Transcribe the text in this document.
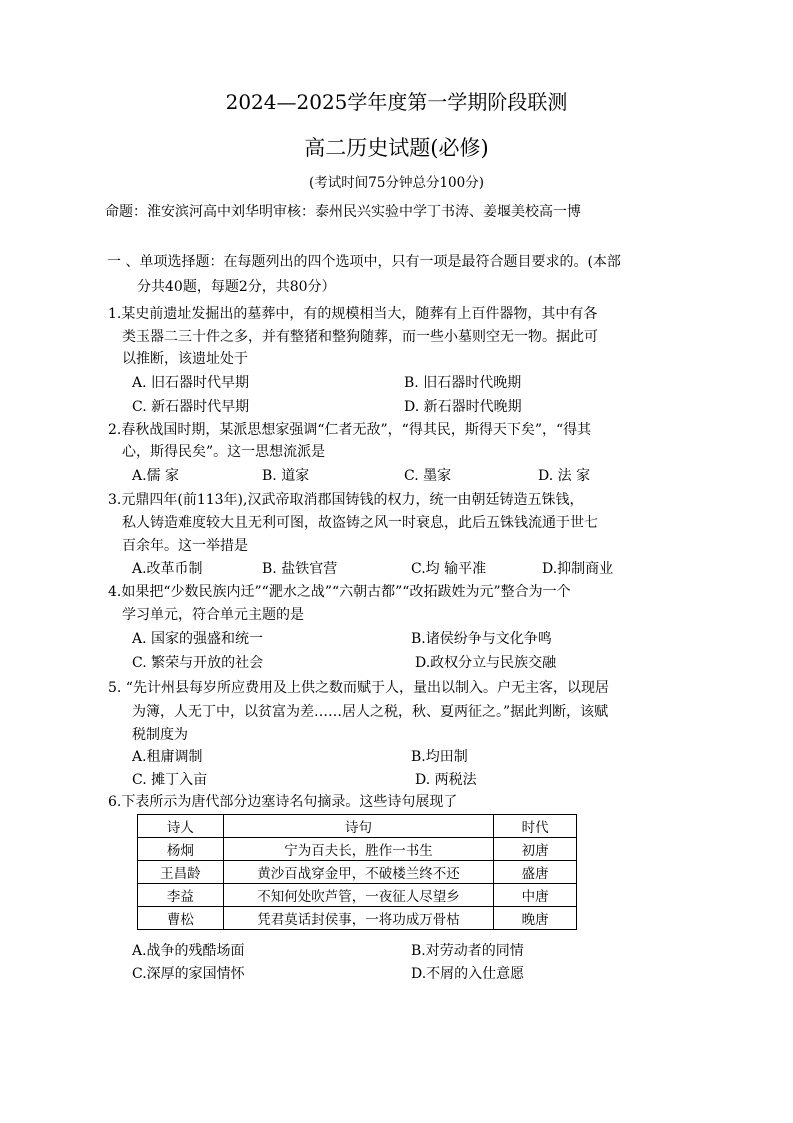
2024—2025学年度第一学期阶段联测
高二历史试题(必修)
(考试时间75分钟总分100分)
命题：淮安滨河高中刘华明审核：泰州民兴实验中学丁书涛、姜堰美校高一博
一 、单项选择题：在每题列出的四个选项中，只有一项是最符合题目要求的。(本部
分共40题，每题2分，共80分）
1.某史前遗址发掘出的墓葬中，有的规模相当大，随葬有上百件器物，其中有各
类玉器二三十件之多，并有整猪和整狗随葬，而一些小墓则空无一物。据此可
以推断，该遗址处于
A. 旧石器时代早期	B. 旧石器时代晚期
C. 新石器时代早期	D. 新石器时代晚期
2.春秋战国时期，某派思想家强调“仁者无敌”，“得其民，斯得天下矣”，“得其
心，斯得民矣”。这一思想流派是
A.儒 家	B. 道家	C. 墨家	D. 法 家
3.元鼎四年(前113年),汉武帝取消郡国铸钱的权力，统一由朝廷铸造五铢钱，
私人铸造难度较大且无利可图，故盗铸之风一时衰息，此后五铢钱流通于世七
百余年。这一举措是
A.改革币制	B. 盐铁官营	C.均 输平准	D.抑制商业
4.如果把“少数民族内迁”“淝水之战”“六朝古都”“改拓跋姓为元”整合为一个
学习单元，符合单元主题的是
A. 国家的强盛和统一	B.诸侯纷争与文化争鸣
C. 繁荣与开放的社会	D.政权分立与民族交融
5. “先计州县每岁所应费用及上供之数而赋于人，量出以制入。户无主客，以现居
为簿，人无丁中，以贫富为差……居人之税，秋、夏两征之。”据此判断，该赋
税制度为
A.租庸调制	B.均田制
C. 摊丁入亩	D. 两税法
6.下表所示为唐代部分边塞诗名句摘录。这些诗句展现了
诗人	诗句	时代
杨炯	宁为百夫长，胜作一书生	初唐
王昌龄	黄沙百战穿金甲，不破楼兰终不还	盛唐
李益	不知何处吹芦管，一夜征人尽望乡	中唐
曹松	凭君莫话封侯事，一将功成万骨枯	晚唐
A.战争的残酷场面	B.对劳动者的同情
C.深厚的家国情怀	D.不屑的入仕意愿
